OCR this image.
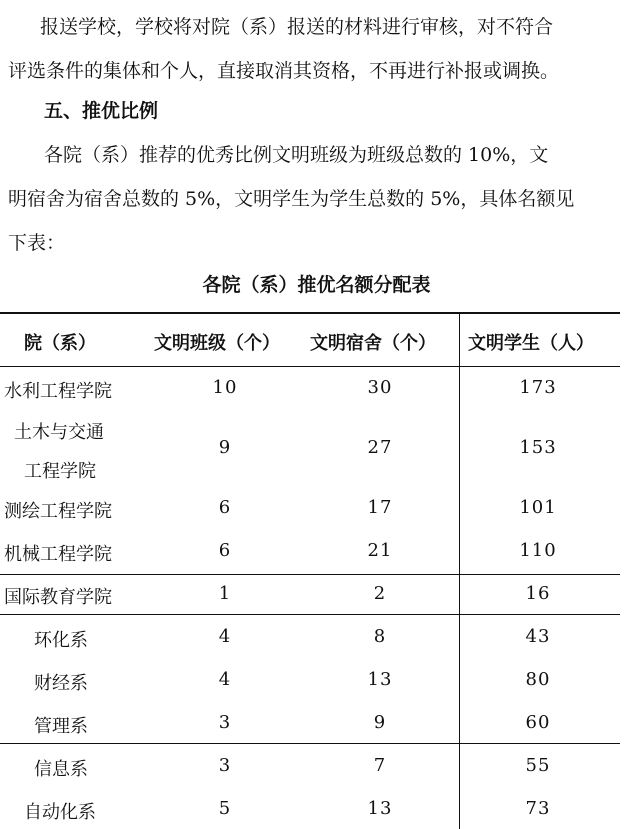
报送学校，学校将对院（系）报送的材料进行审核，对不符合
评选条件的集体和个人，直接取消其资格，不再进行补报或调换。
五、推优比例
各院（系）推荐的优秀比例文明班级为班级总数的 10%，文
明宿舍为宿舍总数的 5%，文明学生为学生总数的 5%，具体名额见
下表：
各院（系）推优名额分配表
院（系）	文明班级（个） 文明宿舍（个） 文明学生（人）
水利工程学院	10	30	173
土木与交通
工程学院
9	27	153
测绘工程学院	6	17	101
机械工程学院	6	21	110
国际教育学院	1	2	16
环化系	4	8	43
财经系	4	13	80
管理系	3	9	60
信息系	3	7	55
自动化系	5	13	73
